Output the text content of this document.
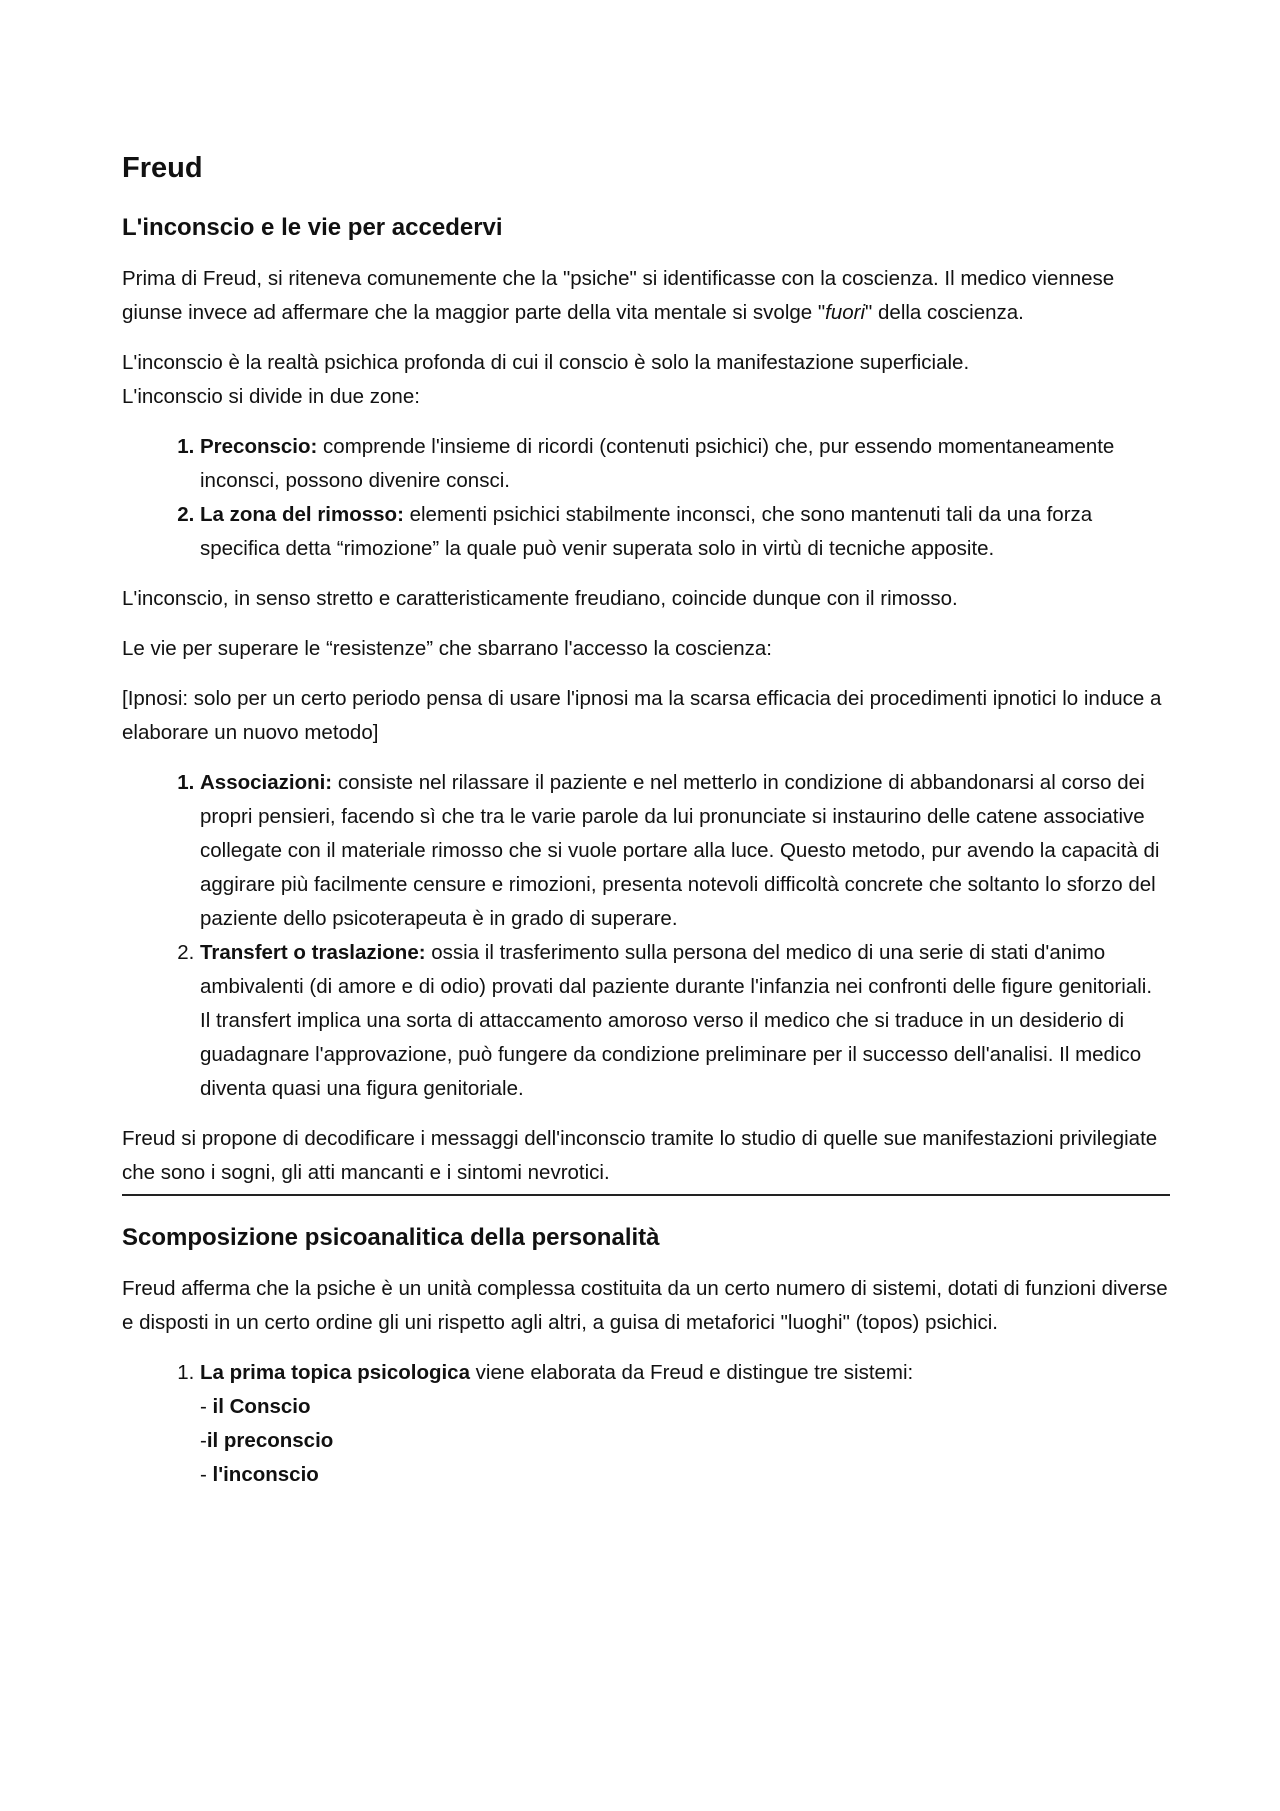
Freud
L'inconscio e le vie per accedervi

Prima di Freud, si riteneva comunemente che la "psiche" si identificasse con la coscienza. Il medico viennese giunse invece ad affermare che la maggior parte della vita mentale si svolge "fuori" della coscienza.

L'inconscio è la realtà psichica profonda di cui il conscio è solo la manifestazione superficiale.
L'inconscio si divide in due zone:

1. Preconscio: comprende l'insieme di ricordi (contenuti psichici) che, pur essendo momentaneamente inconsci, possono divenire consci.
2. La zona del rimosso: elementi psichici stabilmente inconsci, che sono mantenuti tali da una forza specifica detta “rimozione” la quale può venir superata solo in virtù di tecniche apposite.

L'inconscio, in senso stretto e caratteristicamente freudiano, coincide dunque con il rimosso.

Le vie per superare le “resistenze” che sbarrano l'accesso la coscienza:

[Ipnosi: solo per un certo periodo pensa di usare l'ipnosi ma la scarsa efficacia dei procedimenti ipnotici lo induce a elaborare un nuovo metodo]

1. Associazioni: consiste nel rilassare il paziente e nel metterlo in condizione di abbandonarsi al corso dei propri pensieri, facendo sì che tra le varie parole da lui pronunciate si instaurino delle catene associative collegate con il materiale rimosso che si vuole portare alla luce. Questo metodo, pur avendo la capacità di aggirare più facilmente censure e rimozioni, presenta notevoli difficoltà concrete che soltanto lo sforzo del paziente dello psicoterapeuta è in grado di superare.
2. Transfert o traslazione: ossia il trasferimento sulla persona del medico di una serie di stati d'animo ambivalenti (di amore e di odio) provati dal paziente durante l'infanzia nei confronti delle figure genitoriali.
Il transfert implica una sorta di attaccamento amoroso verso il medico che si traduce in un desiderio di guadagnare l'approvazione, può fungere da condizione preliminare per il successo dell'analisi. Il medico diventa quasi una figura genitoriale.

Freud si propone di decodificare i messaggi dell'inconscio tramite lo studio di quelle sue manifestazioni privilegiate che sono i sogni, gli atti mancanti e i sintomi nevrotici.

Scomposizione psicoanalitica della personalità

Freud afferma che la psiche è un unità complessa costituita da un certo numero di sistemi, dotati di funzioni diverse e disposti in un certo ordine gli uni rispetto agli altri, a guisa di metaforici "luoghi" (topos) psichici.

1. La prima topica psicologica viene elaborata da Freud e distingue tre sistemi:
- il Conscio
-il preconscio
- l'inconscio
